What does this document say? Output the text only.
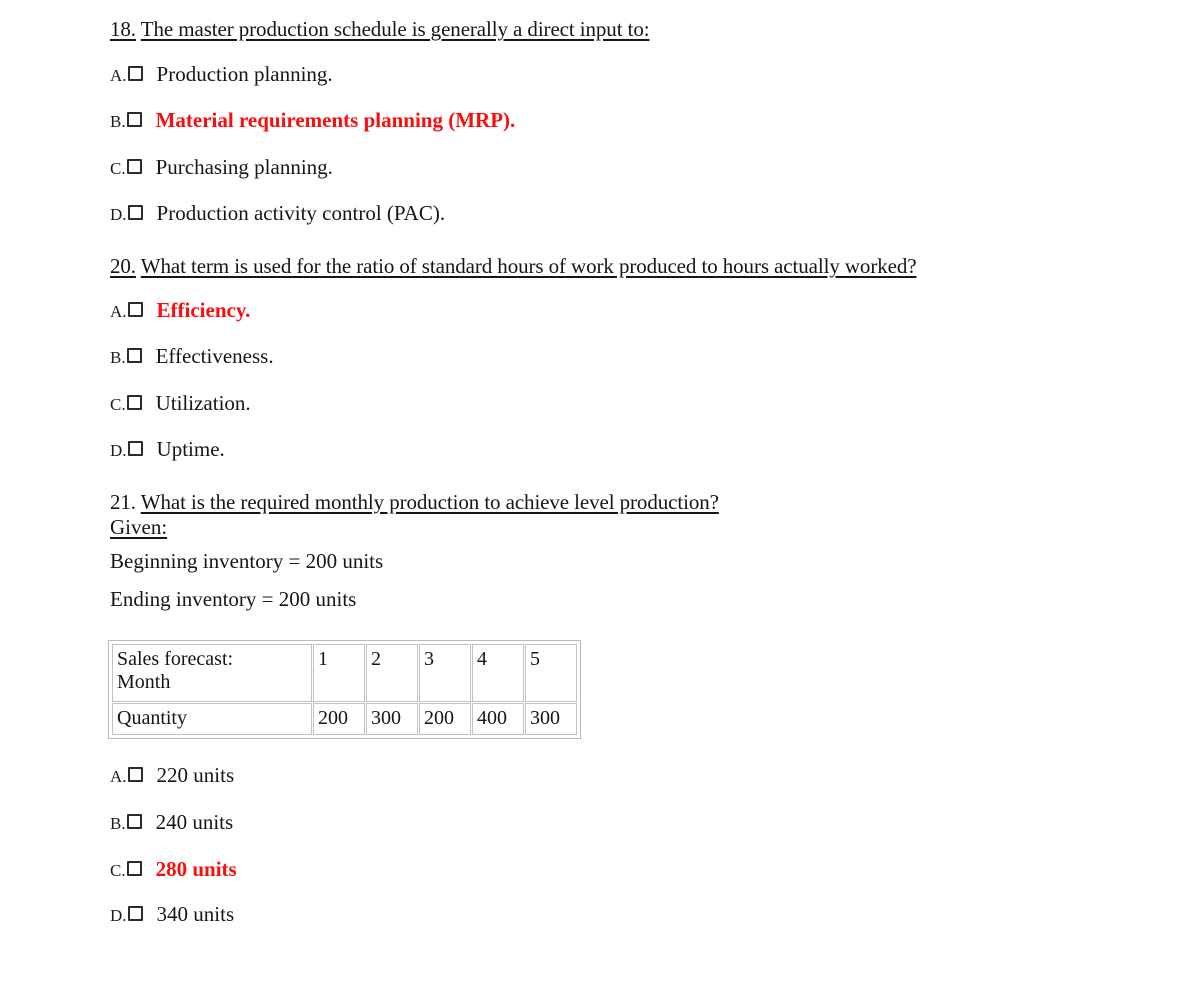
18. The master production schedule is generally a direct input to:
A. Production planning.
B. Material requirements planning (MRP).
C. Purchasing planning.
D. Production activity control (PAC).
20. What term is used for the ratio of standard hours of work produced to hours actually worked?
A. Efficiency.
B. Effectiveness.
C. Utilization.
D. Uptime.
21. What is the required monthly production to achieve level production?
Given:
Beginning inventory = 200 units
Ending inventory = 200 units
Sales forecast:
Month	1	2	3	4	5
Quantity	200	300	200	400	300
A. 220 units
B. 240 units
C. 280 units
D. 340 units
